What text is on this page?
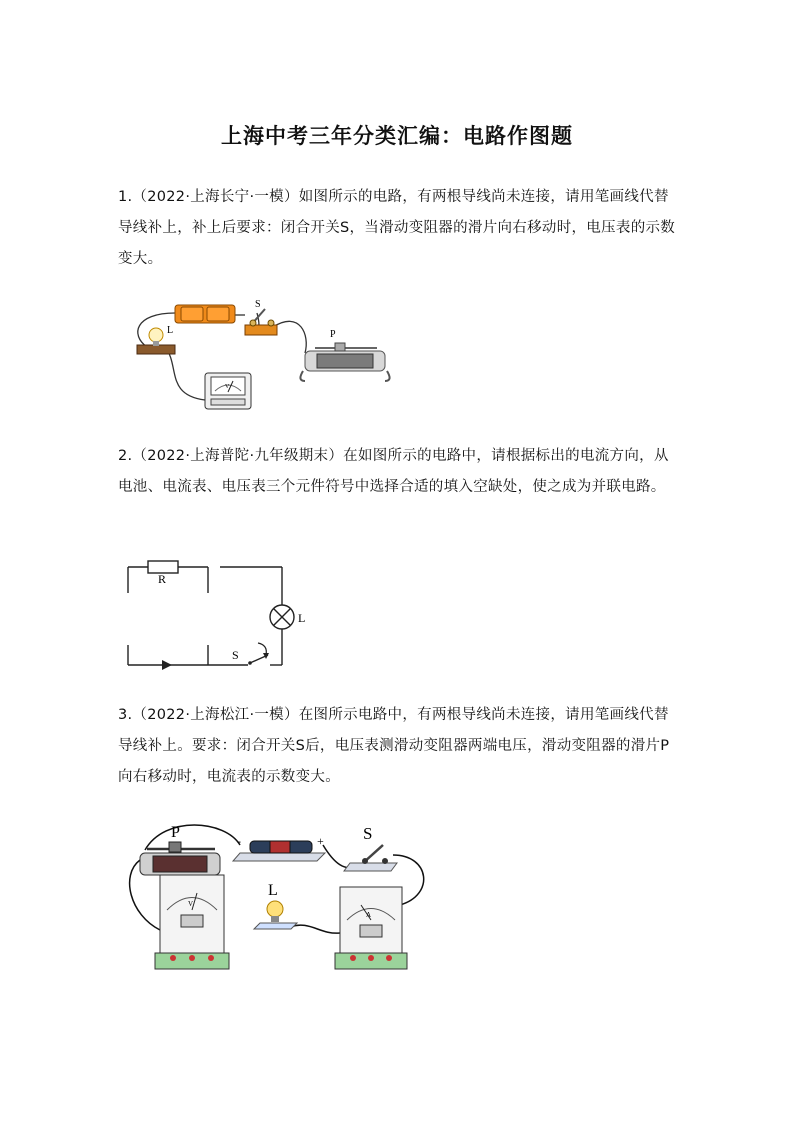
上海中考三年分类汇编：电路作图题
1.（2022·上海长宁·一模）如图所示的电路，有两根导线尚未连接，请用笔画线代替导线补上，补上后要求：闭合开关S，当滑动变阻器的滑片向右移动时，电压表的示数变大。
S
L	P
V
2.（2022·上海普陀·九年级期末）在如图所示的电路中，请根据标出的电流方向，从电池、电流表、电压表三个元件符号中选择合适的填入空缺处，使之成为并联电路。
R
L
S
3.（2022·上海松江·一模）在图所示电路中，有两根导线尚未连接，请用笔画线代替导线补上。要求：闭合开关S后，电压表测滑动变阻器两端电压，滑动变阻器的滑片P向右移动时，电流表的示数变大。
P	-	+ S
L
V
A
